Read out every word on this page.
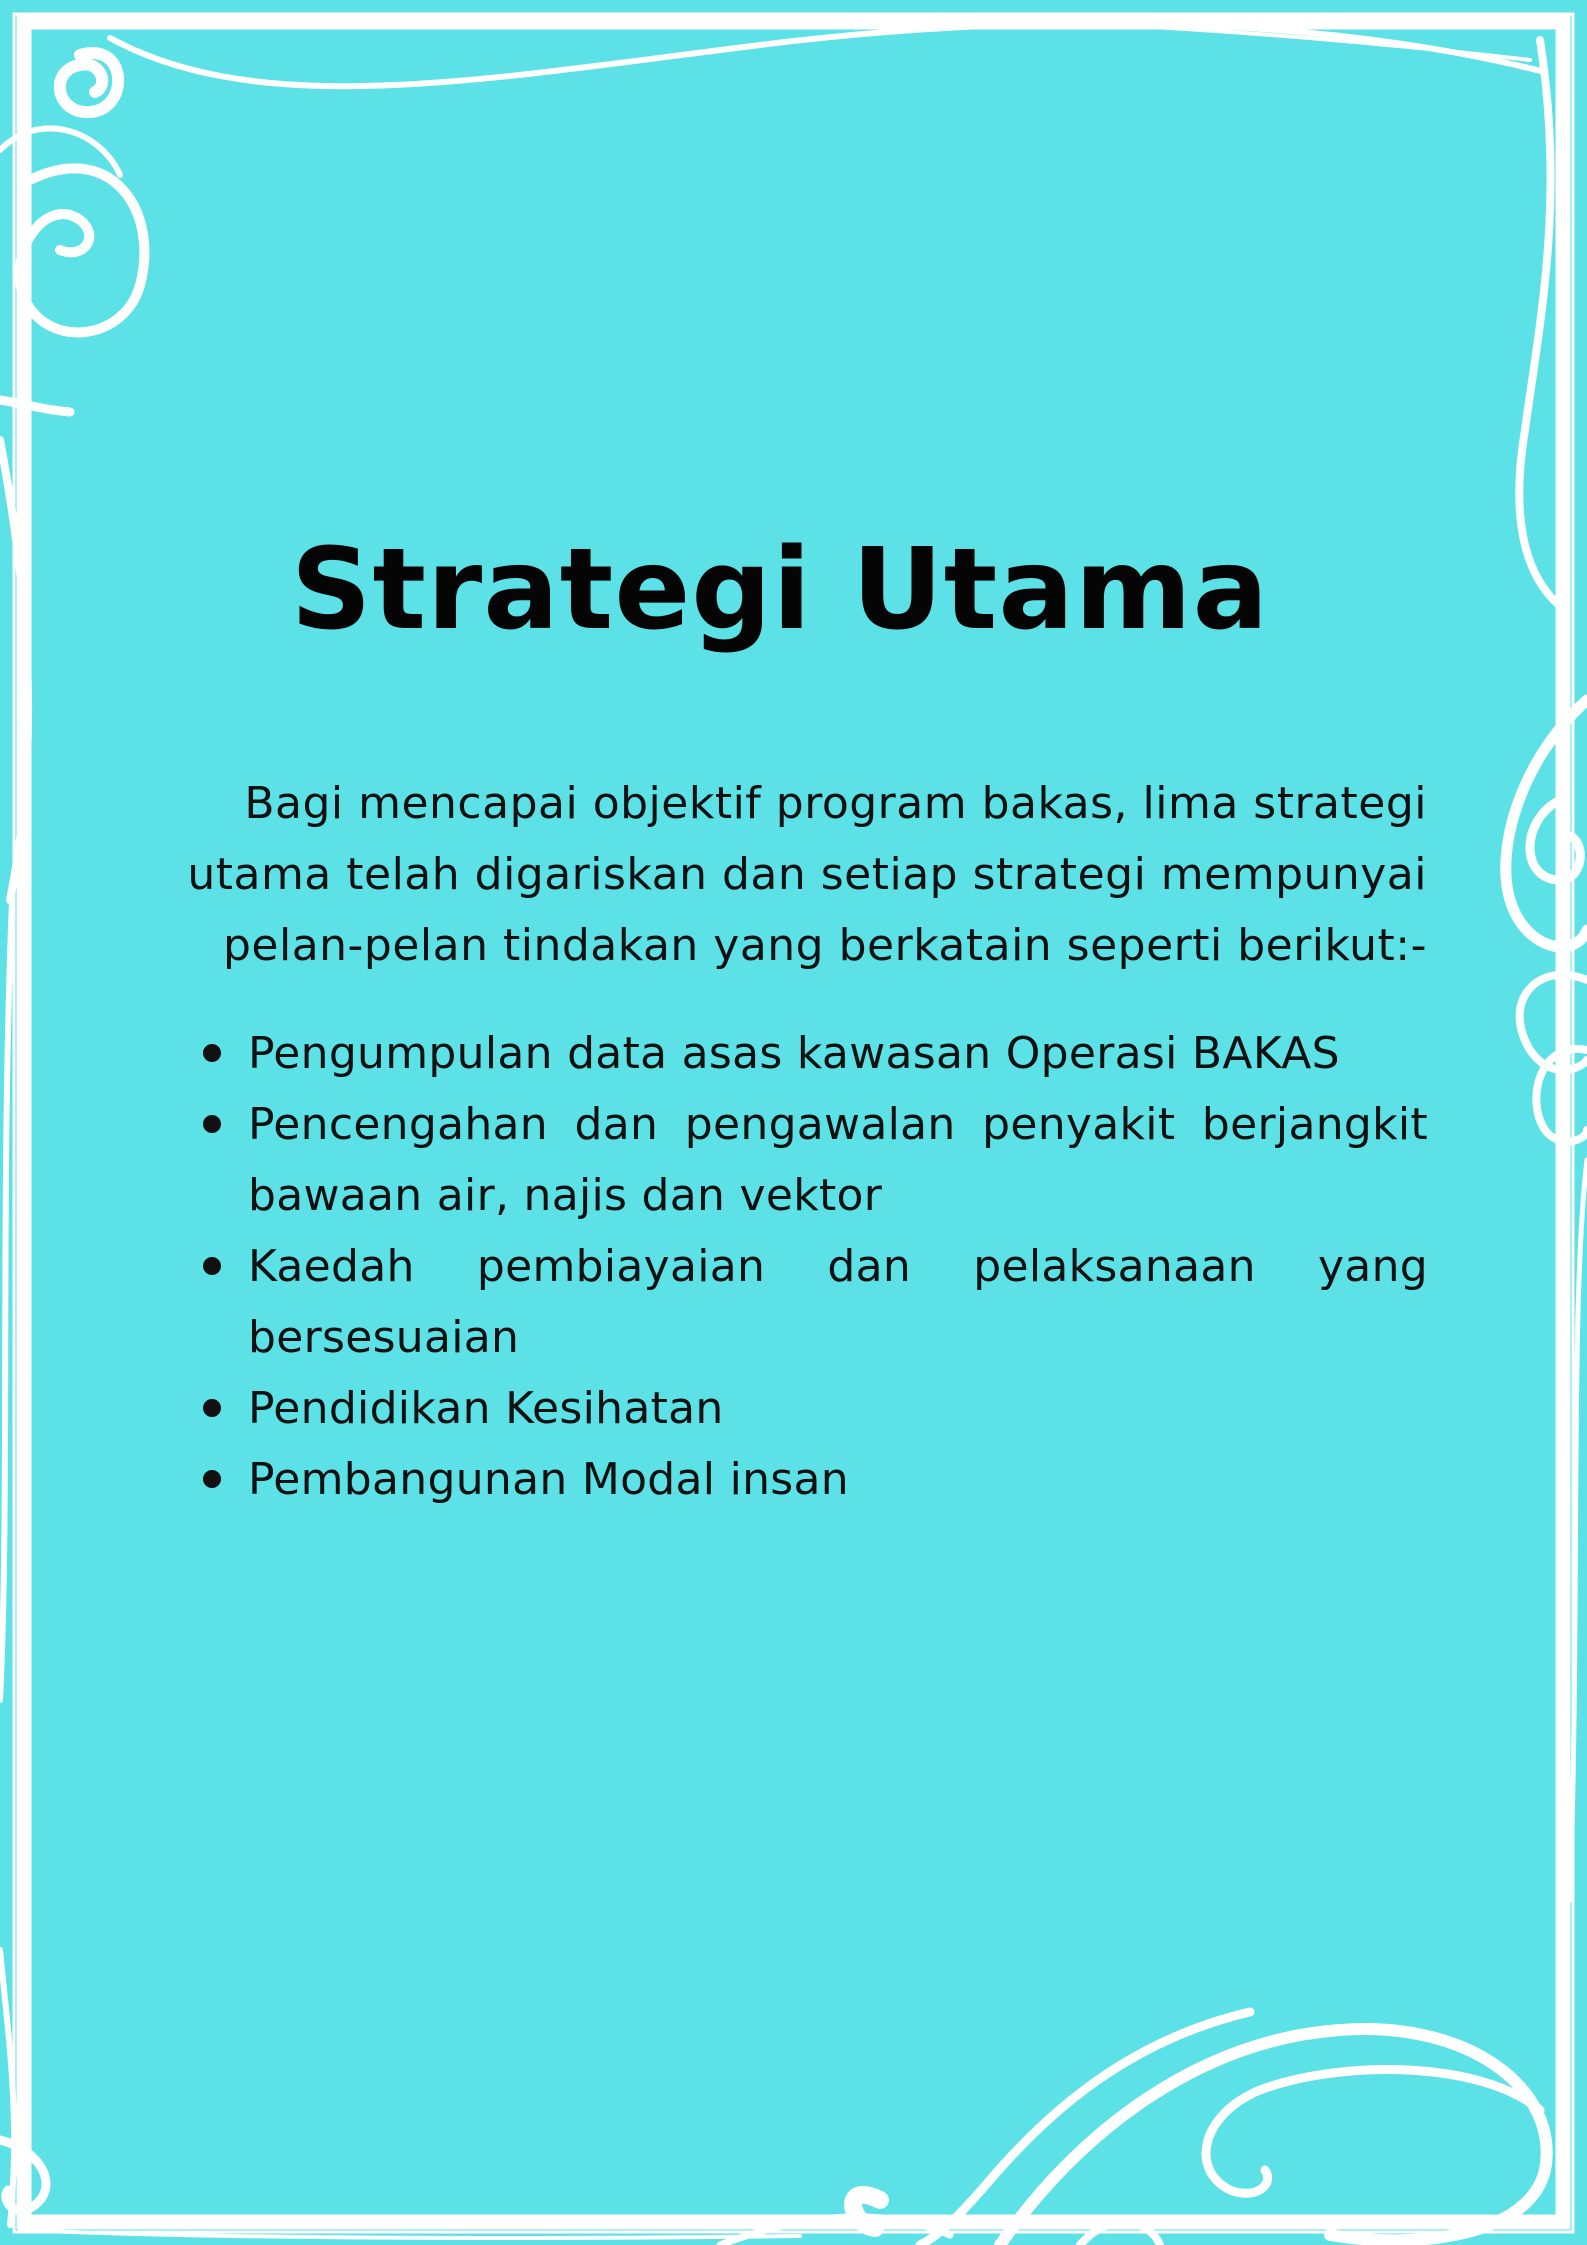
Strategi Utama

Bagi mencapai objektif program bakas, lima strategi utama telah digariskan dan setiap strategi mempunyai pelan-pelan tindakan yang berkatain seperti berikut:-

Pengumpulan data asas kawasan Operasi BAKAS
Pencengahan dan pengawalan penyakit berjangkit bawaan air, najis dan vektor
Kaedah pembiayaian dan pelaksanaan yang bersesuaian
Pendidikan Kesihatan
Pembangunan Modal insan
